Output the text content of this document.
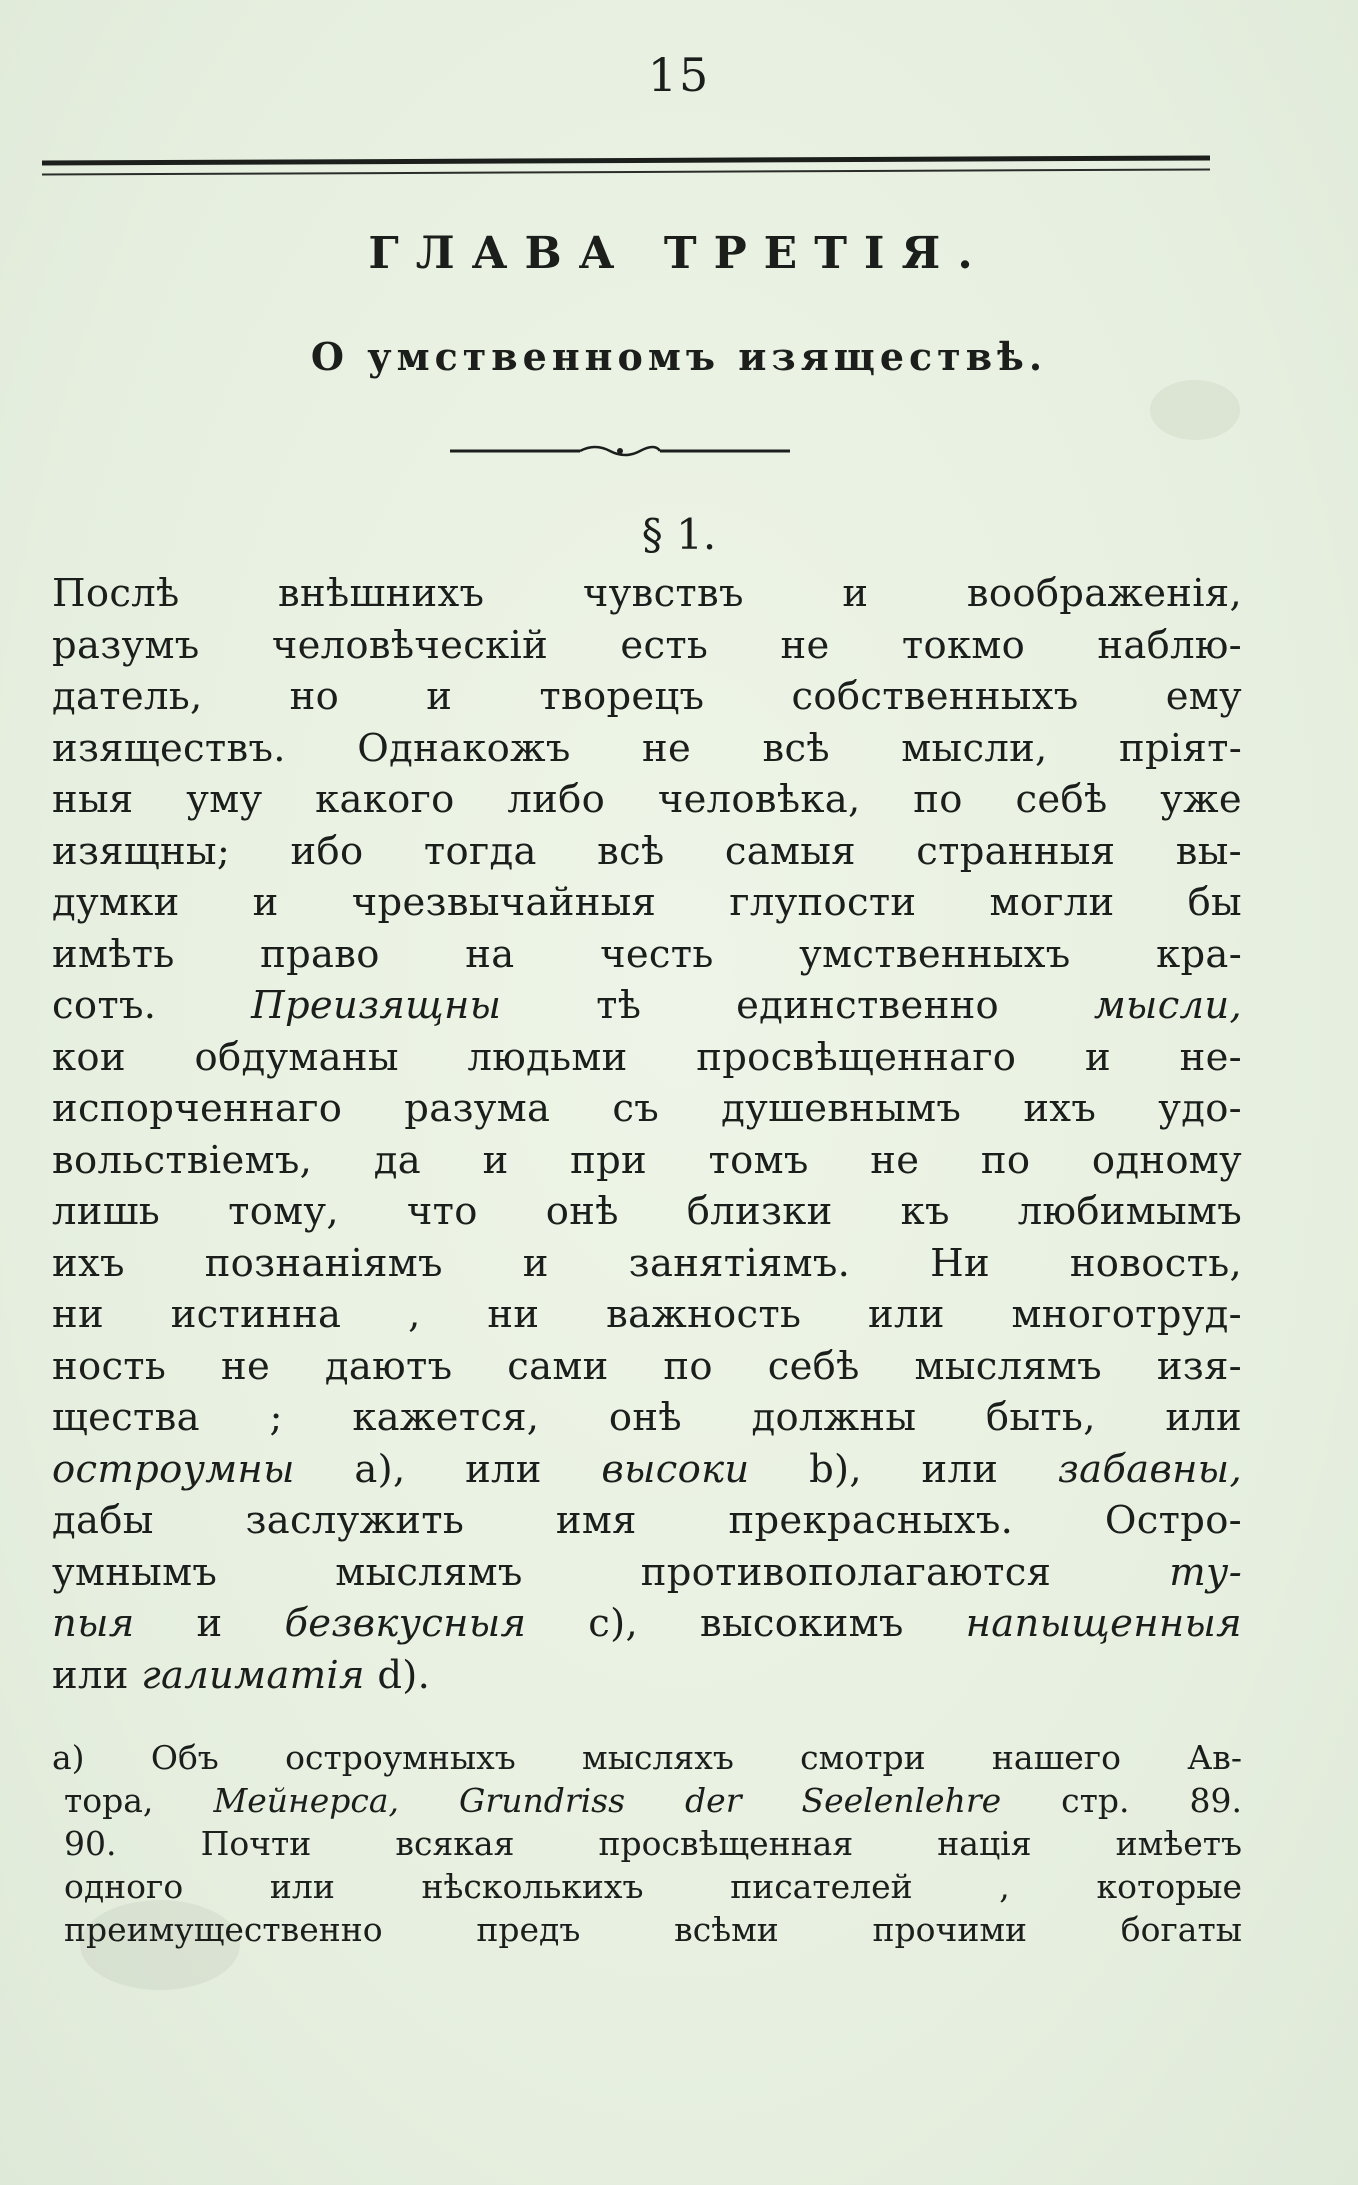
15
ГЛАВА ТРЕТІЯ.
О умственномъ изяществѣ.
§ 1.
Послѣ внѣшнихъ чувствъ и воображенія,
разумъ человѣческій есть не токмо наблю-
датель, но и творецъ собственныхъ ему
изяществъ. Однакожъ не всѣ мысли, пріят-
ныя уму какого либо человѣка, по себѣ уже
изящны; ибо тогда всѣ самыя странныя вы-
думки и чрезвычайныя глупости могли бы
имѣть право на честь умственныхъ кра-
сотъ. Преизящны тѣ единственно мысли,
кои обдуманы людьми просвѣщеннаго и не-
испорченнаго разума съ душевнымъ ихъ удо-
вольствіемъ, да и при томъ не по одному
лишь тому, что онѣ близки къ любимымъ
ихъ познаніямъ и занятіямъ. Ни новость,
ни истинна , ни важность или многотруд-
ность не даютъ сами по себѣ мыслямъ изя-
щества ; кажется, онѣ должны быть, или
остроумны a), или высоки b), или забавны,
дабы заслужить имя прекрасныхъ. Остро-
умнымъ мыслямъ противополагаются ту-
пыя и безвкусныя c), высокимъ напыщенныя
или галиматія d).
a) Объ остроумныхъ мысляхъ смотри нашего Ав-
тора, Мейнерса, Grundriss der Seelenlehre стр. 89.
90. Почти всякая просвѣщенная нація имѣетъ
одного или нѣсколькихъ писателей , которые
преимущественно предъ всѣми прочими богаты
